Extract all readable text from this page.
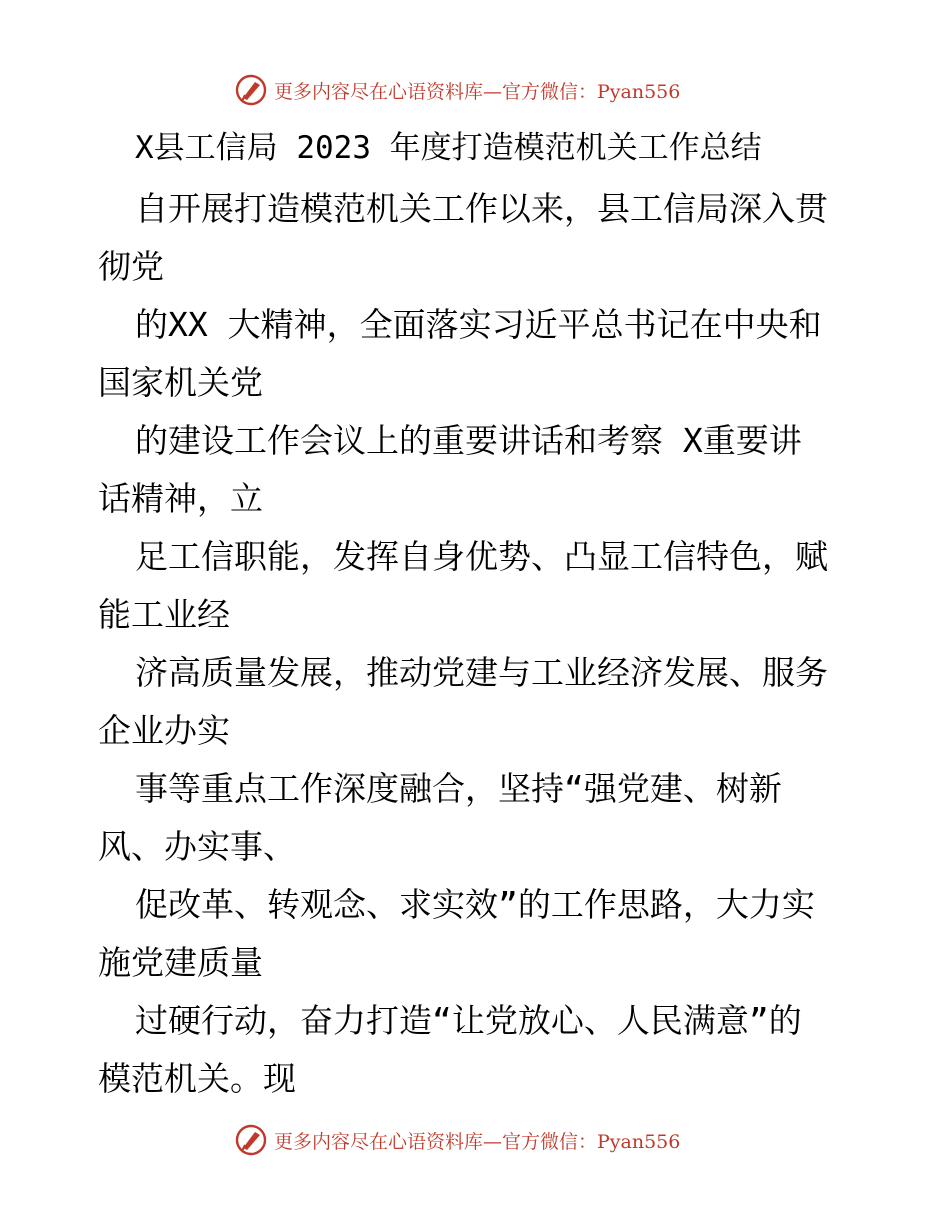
更多内容尽在心语资料库—官方微信：Pyan556
X县工信局 2023 年度打造模范机关工作总结
自开展打造模范机关工作以来，县工信局深入贯
彻党
的XX 大精神，全面落实习近平总书记在中央和
国家机关党
的建设工作会议上的重要讲话和考察 X重要讲
话精神，立
足工信职能，发挥自身优势、凸显工信特色，赋
能工业经
济高质量发展，推动党建与工业经济发展、服务
企业办实
事等重点工作深度融合，坚持“强党建、树新
风、办实事、
促改革、转观念、求实效”的工作思路，大力实
施党建质量
过硬行动，奋力打造“让党放心、人民满意”的
模范机关。现
更多内容尽在心语资料库—官方微信：Pyan556
